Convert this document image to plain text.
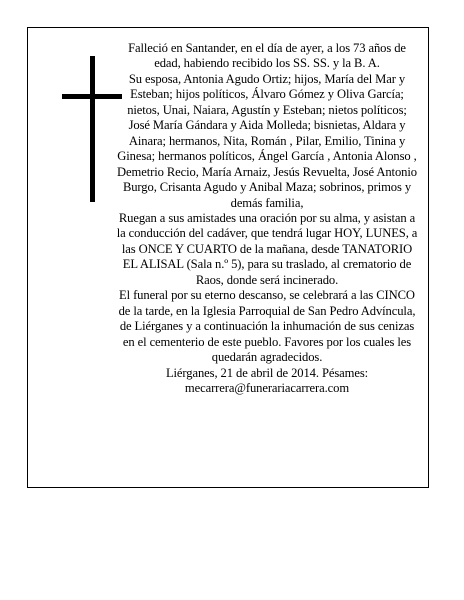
Falleció en Santander, en el día de ayer, a los 73 años de edad, habiendo recibido los SS. SS. y la B. A.

Su esposa, Antonia Agudo Ortiz; hijos, María del Mar y Esteban; hijos políticos, Álvaro Gómez y Oliva García; nietos, Unai, Naiara, Agustín y Esteban; nietos políticos; José María Gándara y Aida Molleda; bisnietas, Aldara y Ainara; hermanos, Nita, Román , Pilar, Emilio, Tinina y Ginesa; hermanos políticos, Ángel García , Antonia Alonso , Demetrio Recio, María Arnaiz, Jesús Revuelta, José Antonio Burgo, Crisanta Agudo y Anibal Maza; sobrinos, primos y demás familia,

Ruegan a sus amistades una oración por su alma, y asistan a la conducción del cadáver, que tendrá lugar HOY, LUNES, a las ONCE Y CUARTO de la mañana, desde TANATORIO EL ALISAL (Sala n.º 5), para su traslado, al crematorio de Raos, donde será incinerado.

El funeral por su eterno descanso, se celebrará a las CINCO de la tarde, en la Iglesia Parroquial de San Pedro Advíncula, de Liérganes y a continuación la inhumación de sus cenizas en el cementerio de este pueblo. Favores por los cuales les quedarán agradecidos.

Liérganes, 21 de abril de 2014. Pésames: mecarrera@funerariacarrera.com
